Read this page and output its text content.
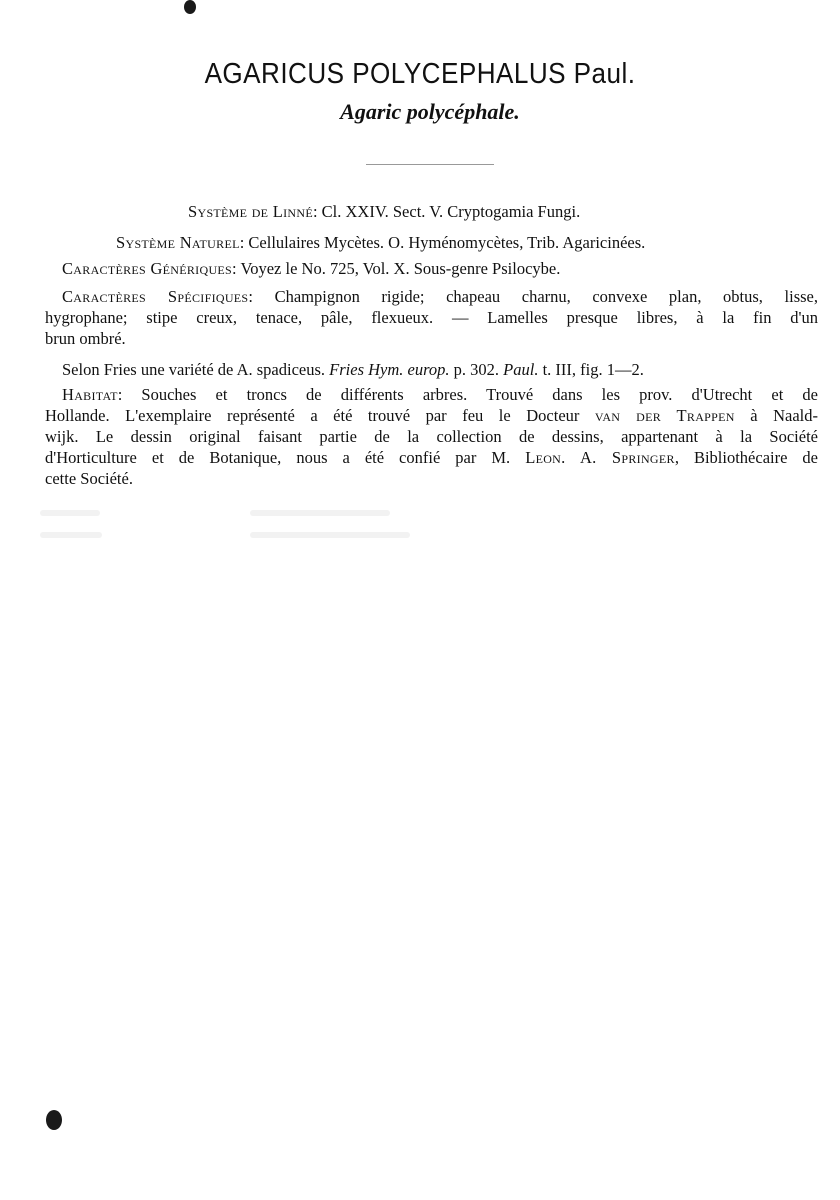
AGARICUS POLYCEPHALUS Paul.
Agaric polycéphale.
Système de Linné: Cl. XXIV. Sect. V. Cryptogamia Fungi.
Système Naturel: Cellulaires Mycètes. O. Hyménomycètes, Trib. Agaricinées.
Caractères Génériques: Voyez le No. 725, Vol. X. Sous-genre Psilocybe.
Caractères Spécifiques: Champignon rigide; chapeau charnu, convexe plan, obtus, lisse,
hygrophane; stipe creux, tenace, pâle, flexueux. — Lamelles presque libres, à la fin d'un
brun ombré.
Selon Fries une variété de A. spadiceus. Fries Hym. europ. p. 302. Paul. t. III, fig. 1—2.
Habitat: Souches et troncs de différents arbres. Trouvé dans les prov. d'Utrecht et de
Hollande. L'exemplaire représenté a été trouvé par feu le Docteur van der Trappen à Naald-
wijk. Le dessin original faisant partie de la collection de dessins, appartenant à la Société
d'Horticulture et de Botanique, nous a été confié par M. Leon. A. Springer, Bibliothécaire de
cette Société.
